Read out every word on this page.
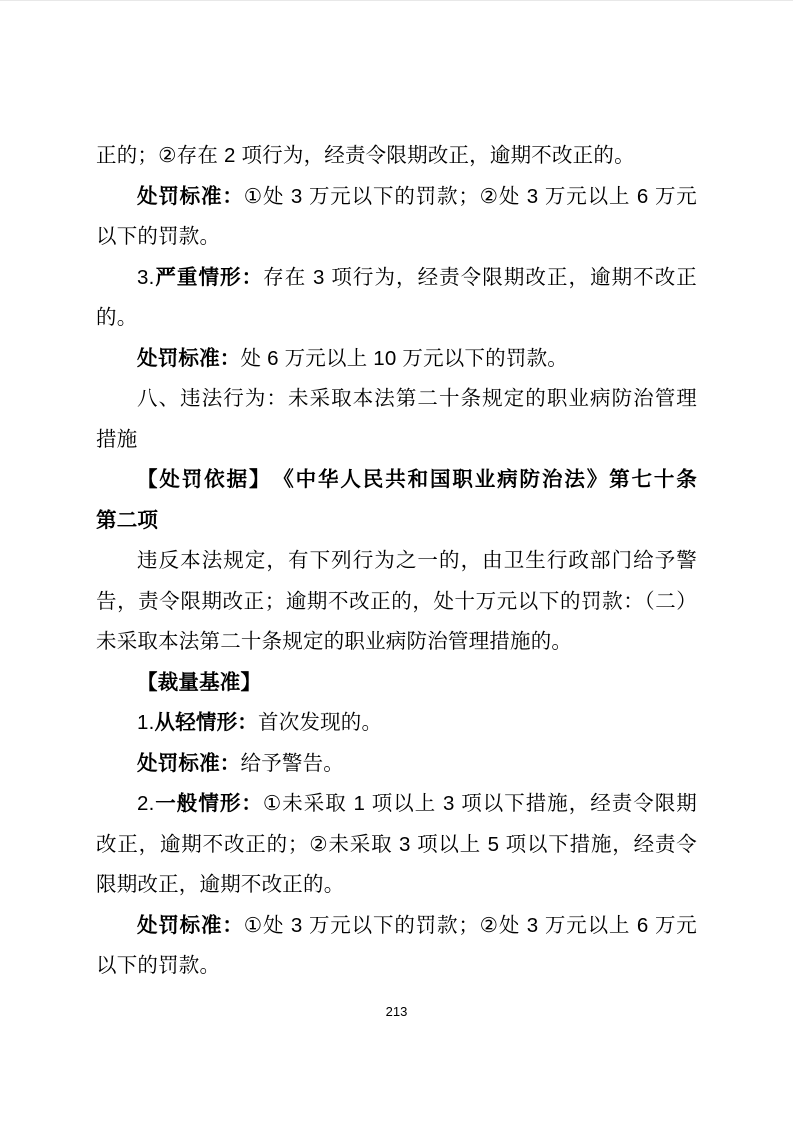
正的；②存在 2 项行为，经责令限期改正，逾期不改正的。
处罚标准：①处 3 万元以下的罚款；②处 3 万元以上 6 万元
以下的罚款。
3.严重情形：存在 3 项行为，经责令限期改正，逾期不改正
的。
处罚标准：处 6 万元以上 10 万元以下的罚款。
八、违法行为：未采取本法第二十条规定的职业病防治管理
措施
【处罚依据】　《中华人民共和国职业病防治法》第七十条
第二项
违反本法规定，有下列行为之一的，由卫生行政部门给予警
告，责令限期改正；逾期不改正的，处十万元以下的罚款：（二）
未采取本法第二十条规定的职业病防治管理措施的。
【裁量基准】
1.从轻情形：首次发现的。
处罚标准：给予警告。
2.一般情形：①未采取 1 项以上 3 项以下措施，经责令限期
改正，逾期不改正的；②未采取 3 项以上 5 项以下措施，经责令
限期改正，逾期不改正的。
处罚标准：①处 3 万元以下的罚款；②处 3 万元以上 6 万元
以下的罚款。
213
